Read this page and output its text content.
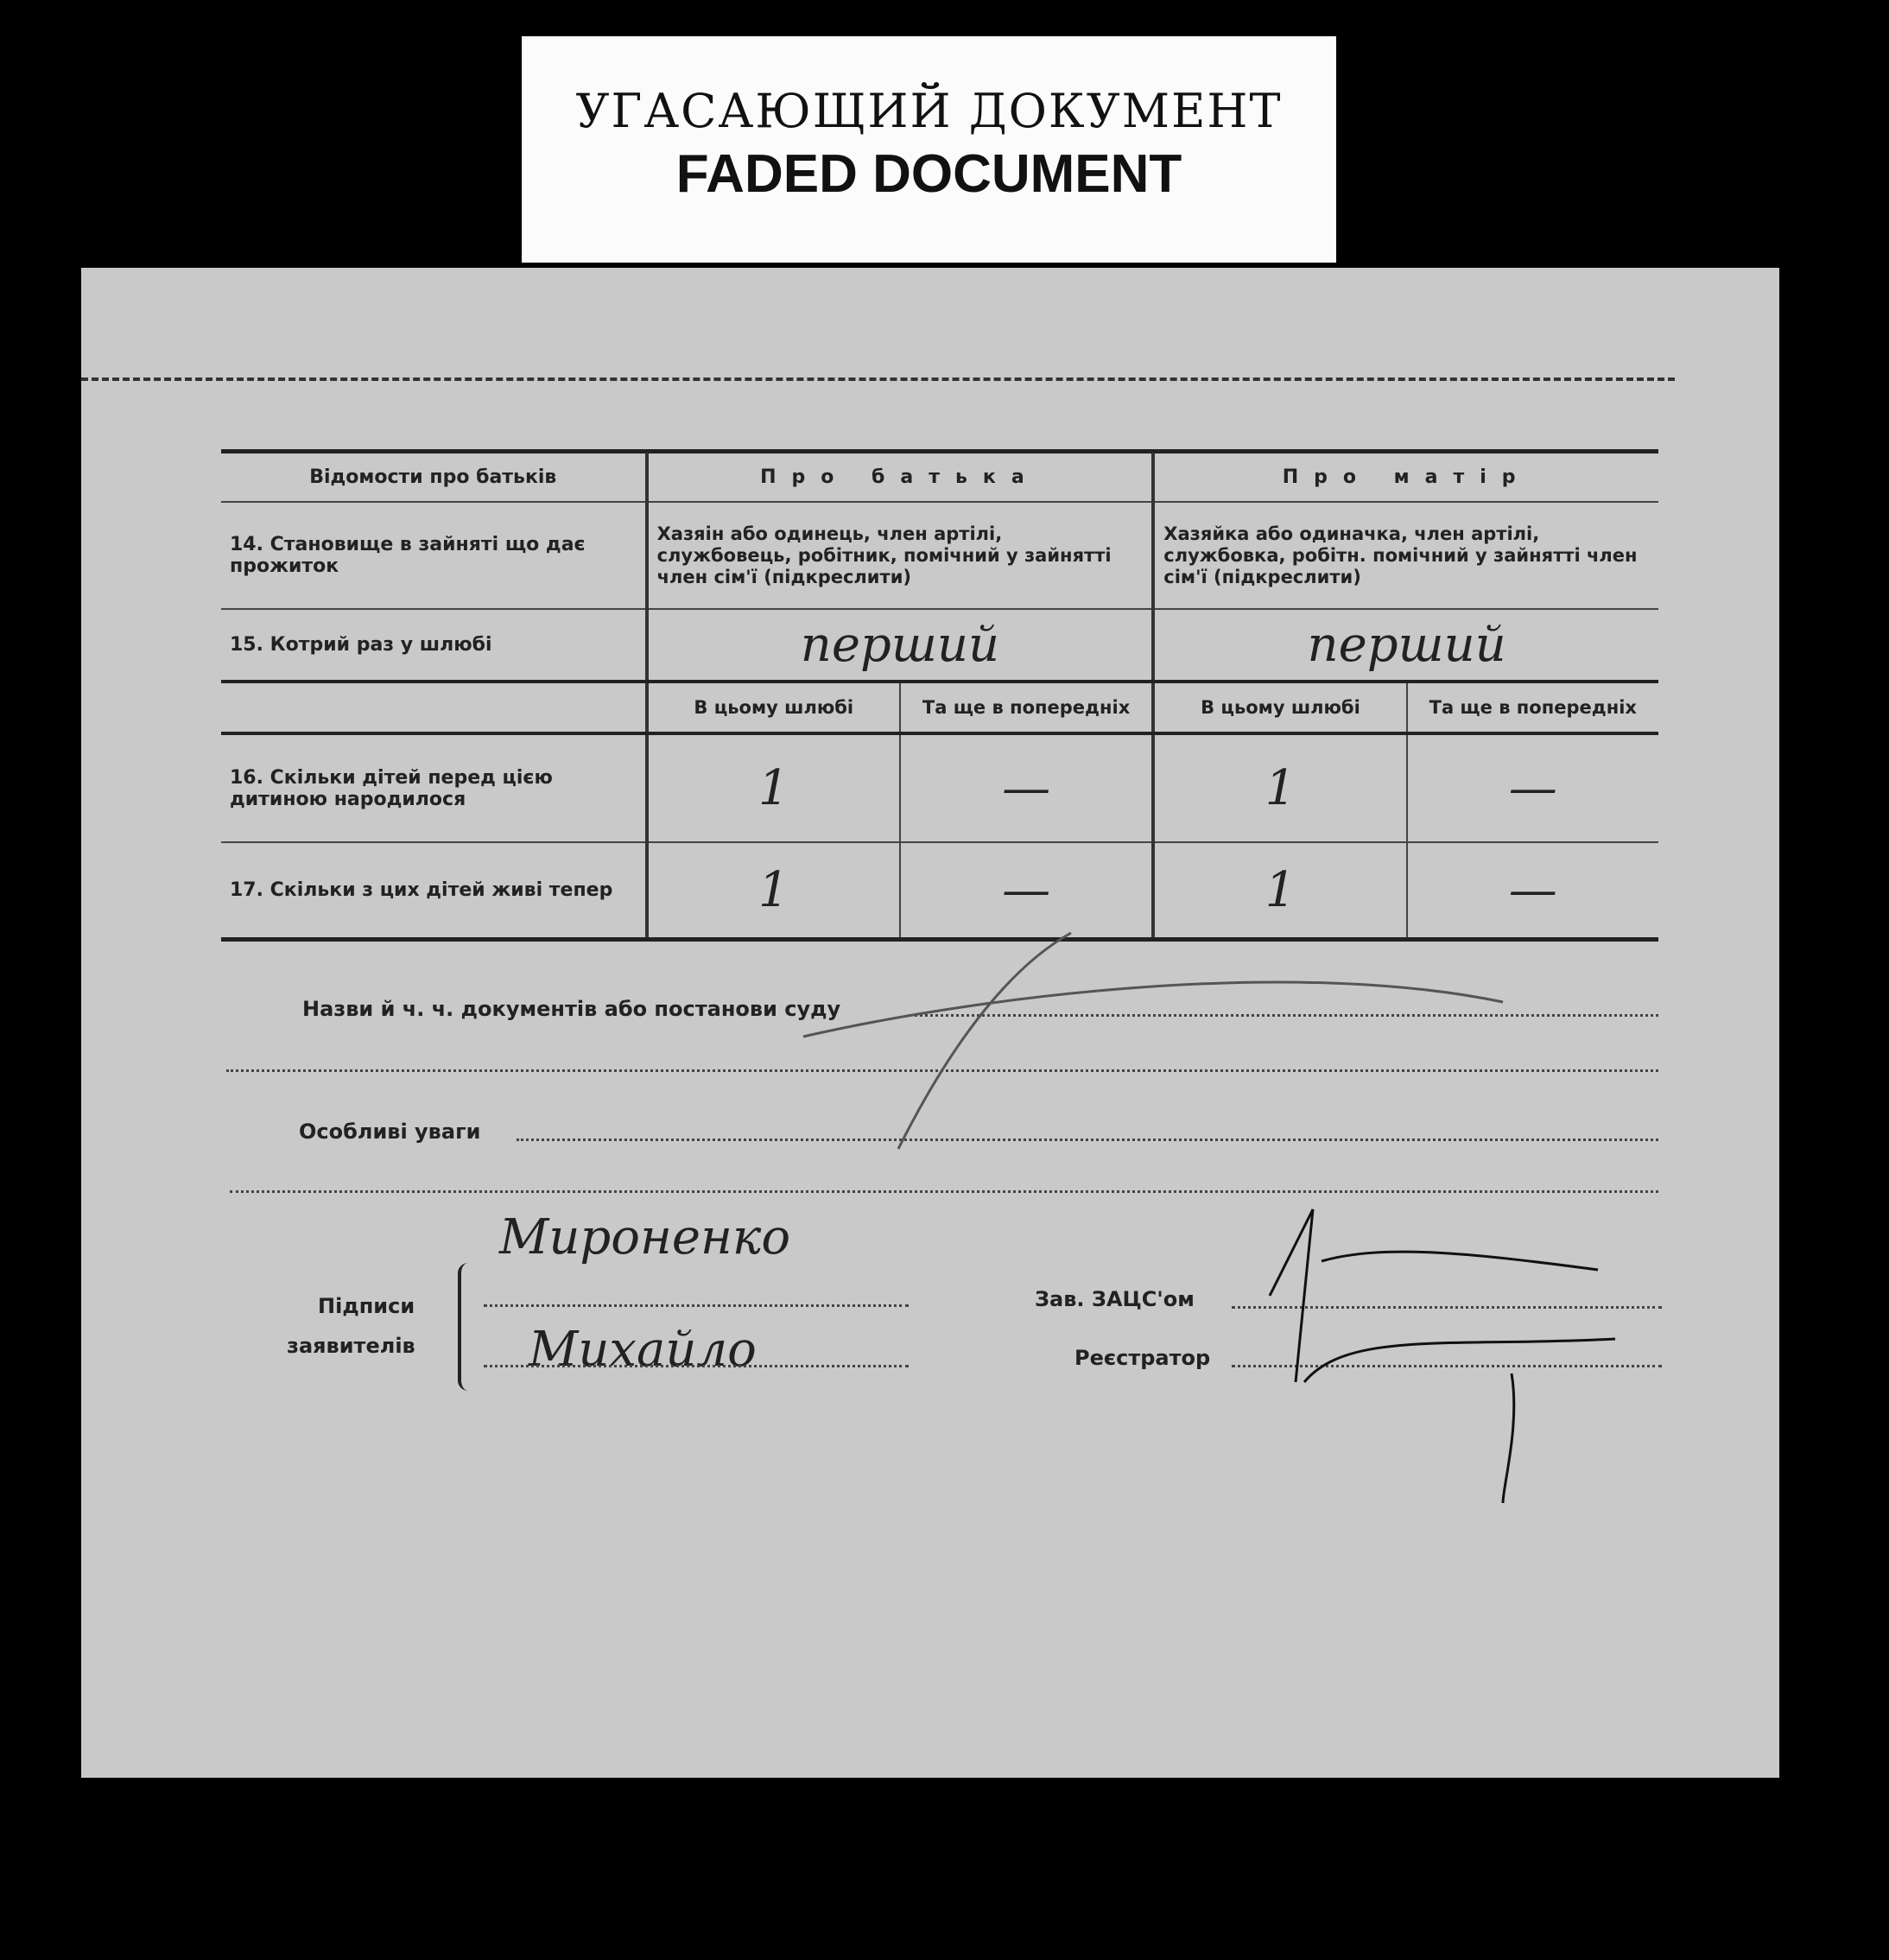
УГАСАЮЩИЙ ДОКУМЕНТ
FADED DOCUMENT
Відомости про батьків	Про батька		Про матір	
14. Становище в зайняті що дає прожиток	Хазяін або одинець, член артілі, службовець, робітник, помічний у зайнятті член сім'ї (підкреслити)		Хазяйка або одиначка, член артілі, службовка, робітн. помічний у зайнятті член сім'ї (підкреслити)	
15. Котрий раз у шлюбі	перший		перший	
	В цьому шлюбі	Та ще в попередніх	В цьому шлюбі	Та ще в попередніх
16. Скільки дітей перед цією дитиною народилося	1	—	1	—
17. Скільки з цих дітей живі тепер	1	—	1	—
Назви й ч. ч. документів або постанови суду
Особливі уваги
Підписи
заявителів
Мироненко
Михайло
Зав. ЗАЦС'ом
Реєстратор
